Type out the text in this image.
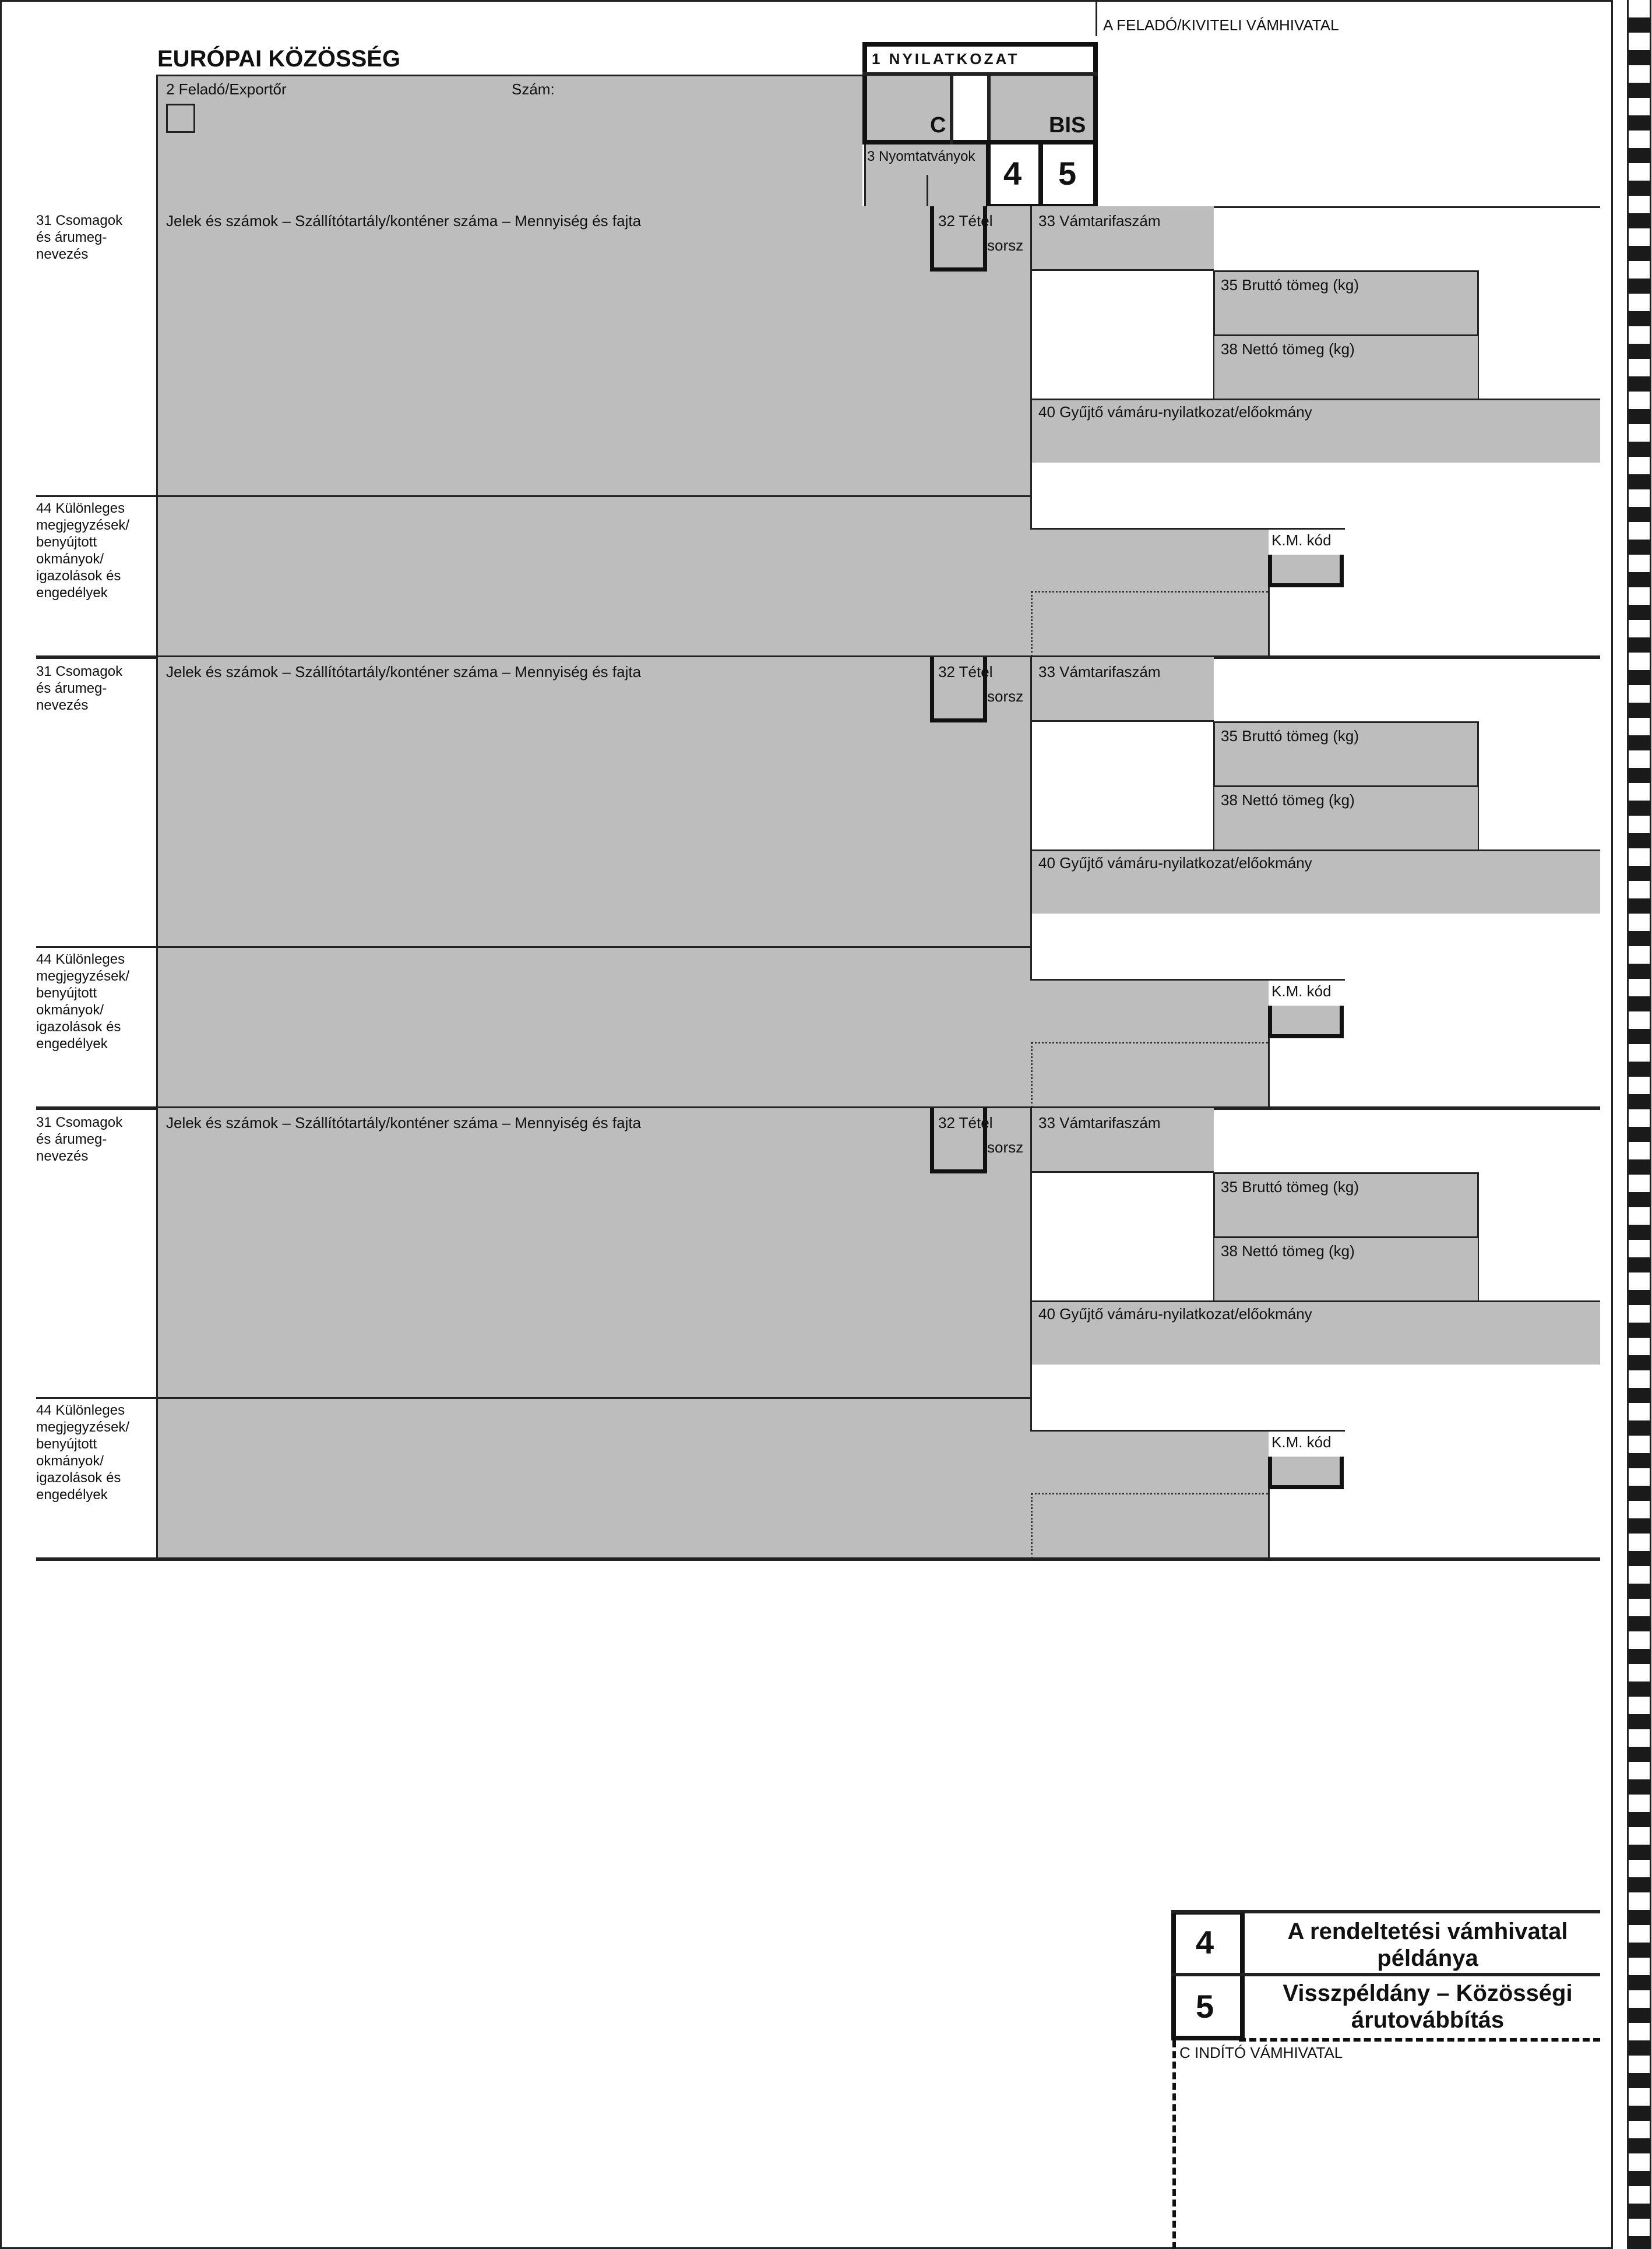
A FELADÓ/KIVITELI VÁMHIVATAL
EURÓPAI KÖZÖSSÉG
2 Feladó/Exportőr	Szám:
1 NYILATKOZAT
C	BIS
3 Nyomtatványok 4 5
31 Csomagok
és árumeg-
nevezés
Jelek és számok – Szállítótartály/konténer száma – Mennyiség és fajta	32 Tétel
sorsz
33 Vámtarifaszám
35 Bruttó tömeg (kg)
38 Nettó tömeg (kg)
40 Gyűjtő vámáru-nyilatkozat/előokmány
44 Különleges
megjegyzések/
benyújtott
okmányok/
igazolások és
engedélyek
K.M. kód
31 Csomagok
és árumeg-
nevezés
Jelek és számok – Szállítótartály/konténer száma – Mennyiség és fajta	32 Tétel
sorsz
33 Vámtarifaszám
35 Bruttó tömeg (kg)
38 Nettó tömeg (kg)
40 Gyűjtő vámáru-nyilatkozat/előokmány
44 Különleges
megjegyzések/
benyújtott
okmányok/
igazolások és
engedélyek
K.M. kód
31 Csomagok
és árumeg-
nevezés
Jelek és számok – Szállítótartály/konténer száma – Mennyiség és fajta	32 Tétel
sorsz
33 Vámtarifaszám
35 Bruttó tömeg (kg)
38 Nettó tömeg (kg)
40 Gyűjtő vámáru-nyilatkozat/előokmány
44 Különleges
megjegyzések/
benyújtott
okmányok/
igazolások és
engedélyek
K.M. kód
4	A rendeltetési vámhivatal példánya
5	Visszpéldány – Közösségi árutovábbítás
C INDÍTÓ VÁMHIVATAL
